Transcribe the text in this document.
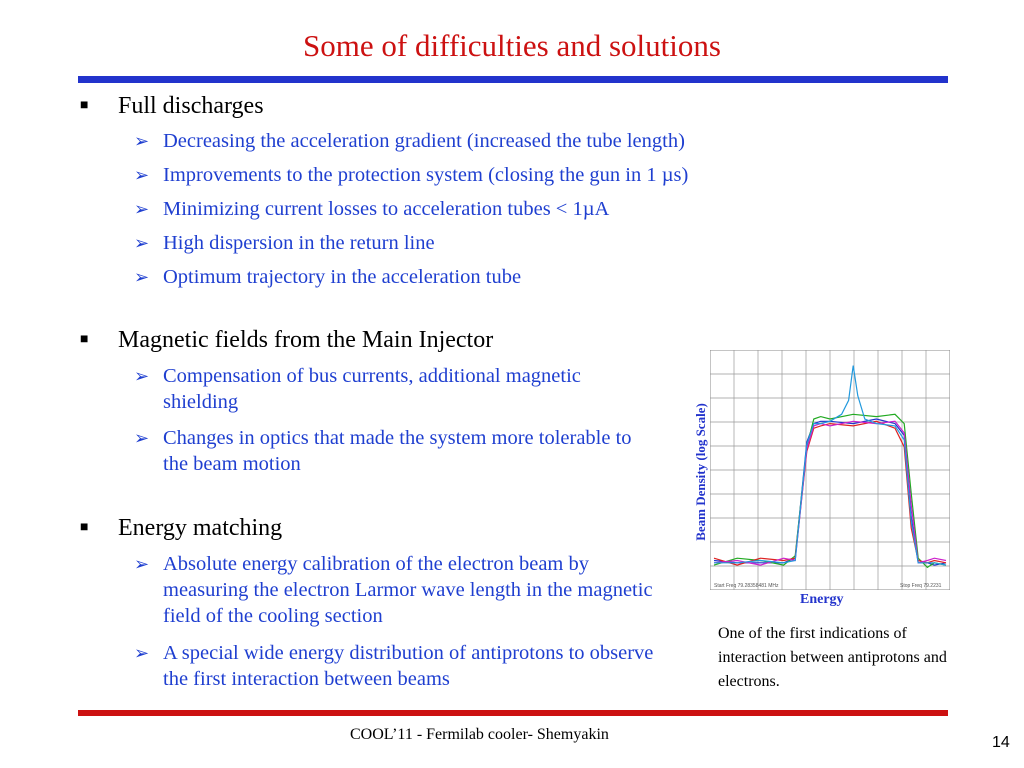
Some of difficulties and solutions
■ Full discharges
➢ Decreasing the acceleration gradient (increased the tube length)
➢ Improvements to the protection system (closing the gun in 1 µs)
➢ Minimizing current losses to acceleration tubes < 1µA
➢ High dispersion in the return line
➢ Optimum trajectory in the acceleration tube
■ Magnetic fields from the Main Injector
➢ Compensation of bus currents, additional magnetic shielding
➢ Changes in optics that made the system more tolerable to the beam motion
■ Energy matching
➢ Absolute energy calibration of the electron beam by measuring the electron Larmor wave length in the magnetic field of the cooling section
➢ A special wide energy distribution of antiprotons to observe the first interaction between beams
Beam Density (log Scale)
Start Freq 79.28358481 MHz	Stop Freq 79.2231
Energy
One of the first indications of interaction between antiprotons and electrons.
COOL’11 - Fermilab cooler- Shemyakin	14
